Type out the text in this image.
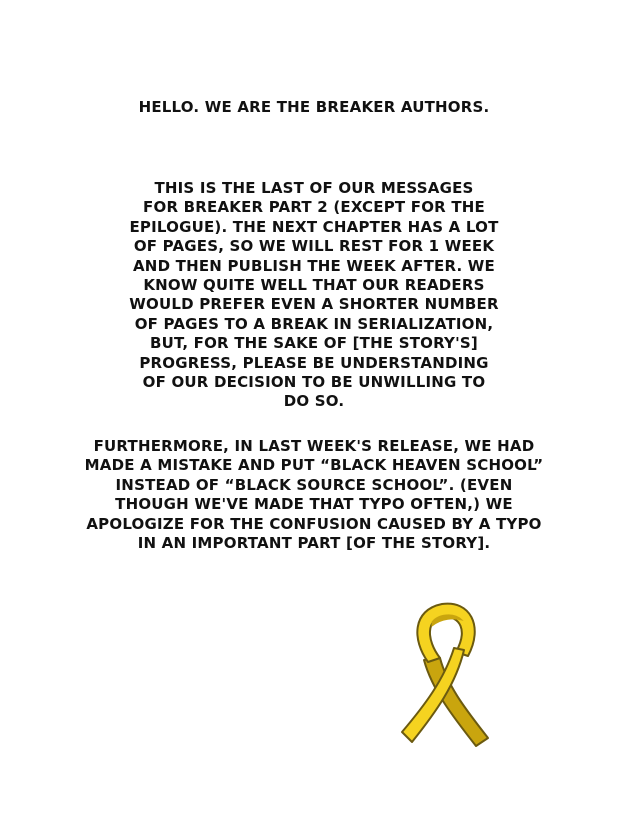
HELLO. WE ARE THE BREAKER AUTHORS.

THIS IS THE LAST OF OUR MESSAGES
FOR BREAKER PART 2 (EXCEPT FOR THE
EPILOGUE). THE NEXT CHAPTER HAS A LOT
OF PAGES, SO WE WILL REST FOR 1 WEEK
AND THEN PUBLISH THE WEEK AFTER. WE
KNOW QUITE WELL THAT OUR READERS
WOULD PREFER EVEN A SHORTER NUMBER
OF PAGES TO A BREAK IN SERIALIZATION,
BUT, FOR THE SAKE OF [THE STORY'S]
PROGRESS, PLEASE BE UNDERSTANDING
OF OUR DECISION TO BE UNWILLING TO
DO SO.

FURTHERMORE, IN LAST WEEK'S RELEASE, WE HAD
MADE A MISTAKE AND PUT “BLACK HEAVEN SCHOOL”
INSTEAD OF “BLACK SOURCE SCHOOL”. (EVEN
THOUGH WE'VE MADE THAT TYPO OFTEN,) WE
APOLOGIZE FOR THE CONFUSION CAUSED BY A TYPO
IN AN IMPORTANT PART [OF THE STORY].
